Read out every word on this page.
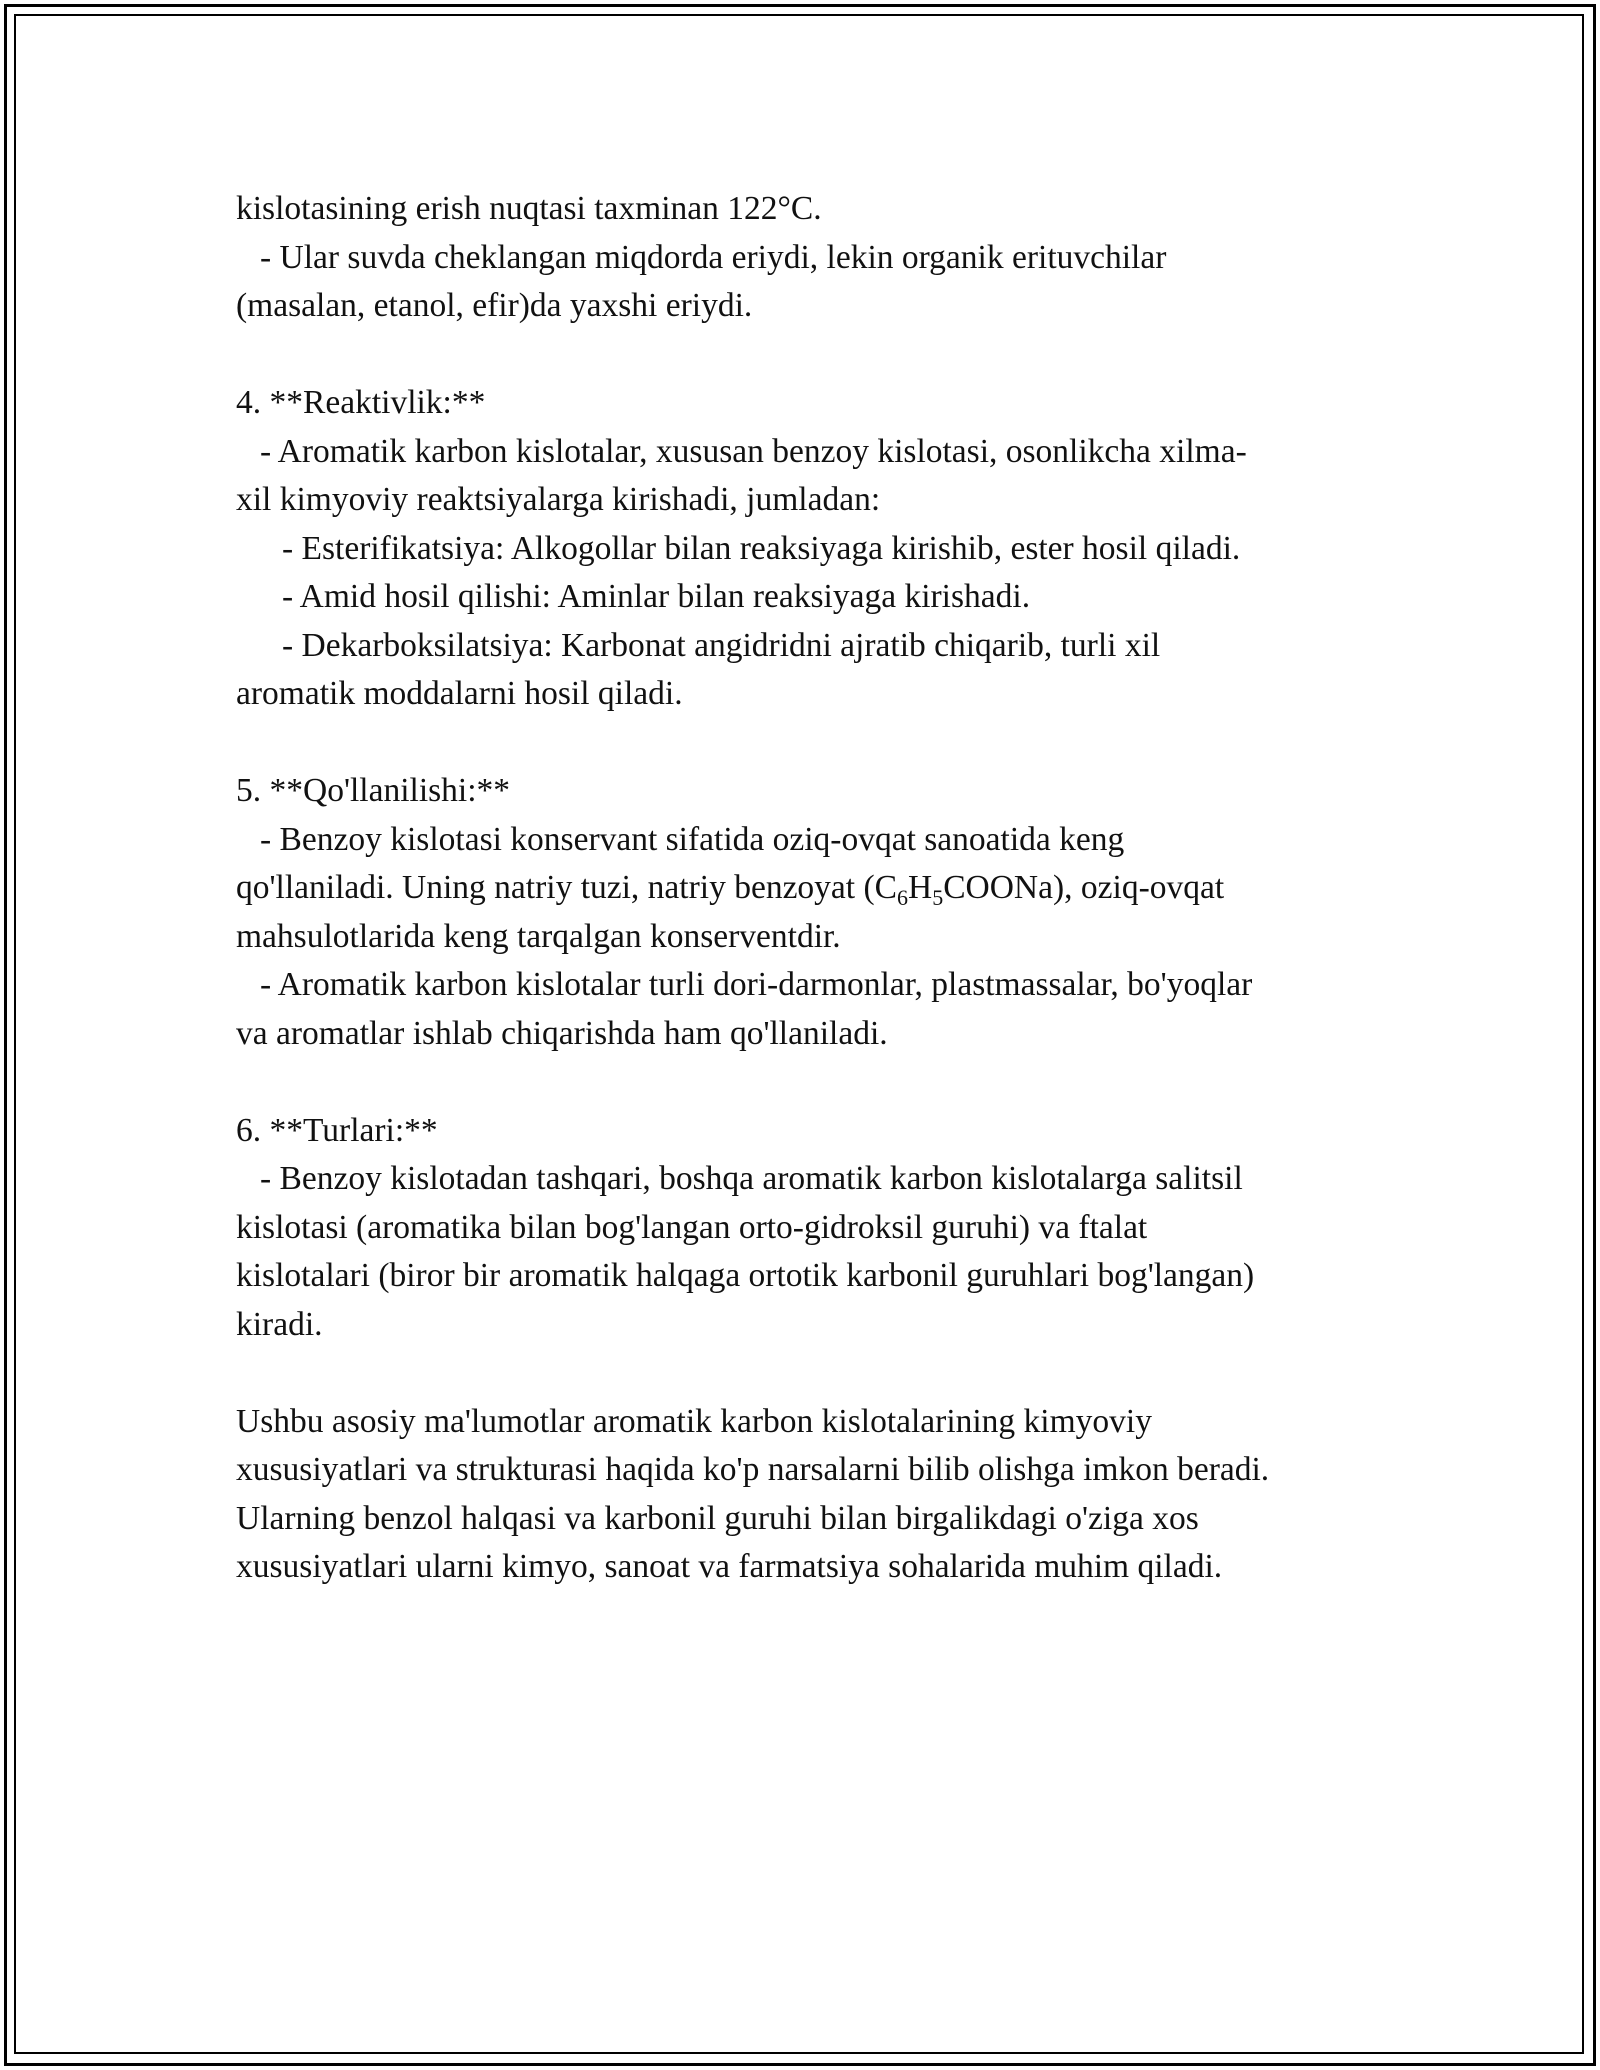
kislotasining erish nuqtasi taxminan 122°C.
- Ular suvda cheklangan miqdorda eriydi, lekin organik erituvchilar
(masalan, etanol, efir)da yaxshi eriydi.
4. **Reaktivlik:**
- Aromatik karbon kislotalar, xususan benzoy kislotasi, osonlikcha xilma-
xil kimyoviy reaktsiyalarga kirishadi, jumladan:
- Esterifikatsiya: Alkogollar bilan reaksiyaga kirishib, ester hosil qiladi.
- Amid hosil qilishi: Aminlar bilan reaksiyaga kirishadi.
- Dekarboksilatsiya: Karbonat angidridni ajratib chiqarib, turli xil
aromatik moddalarni hosil qiladi.
5. **Qo'llanilishi:**
- Benzoy kislotasi konservant sifatida oziq-ovqat sanoatida keng
qo'llaniladi. Uning natriy tuzi, natriy benzoyat $(C_6H_5COONa)$, oziq-ovqat
mahsulotlarida keng tarqalgan konserventdir.
- Aromatik karbon kislotalar turli dori-darmonlar, plastmassalar, bo'yoqlar
va aromatlar ishlab chiqarishda ham qo'llaniladi.
6. **Turlari:**
- Benzoy kislotadan tashqari, boshqa aromatik karbon kislotalarga salitsil
kislotasi (aromatika bilan bog'langan orto-gidroksil guruhi) va ftalat
kislotalari (biror bir aromatik halqaga ortotik karbonil guruhlari bog'langan)
kiradi.
Ushbu asosiy ma'lumotlar aromatik karbon kislotalarining kimyoviy
xususiyatlari va strukturasi haqida ko'p narsalarni bilib olishga imkon beradi.
Ularning benzol halqasi va karbonil guruhi bilan birgalikdagi o'ziga xos
xususiyatlari ularni kimyo, sanoat va farmatsiya sohalarida muhim qiladi.
